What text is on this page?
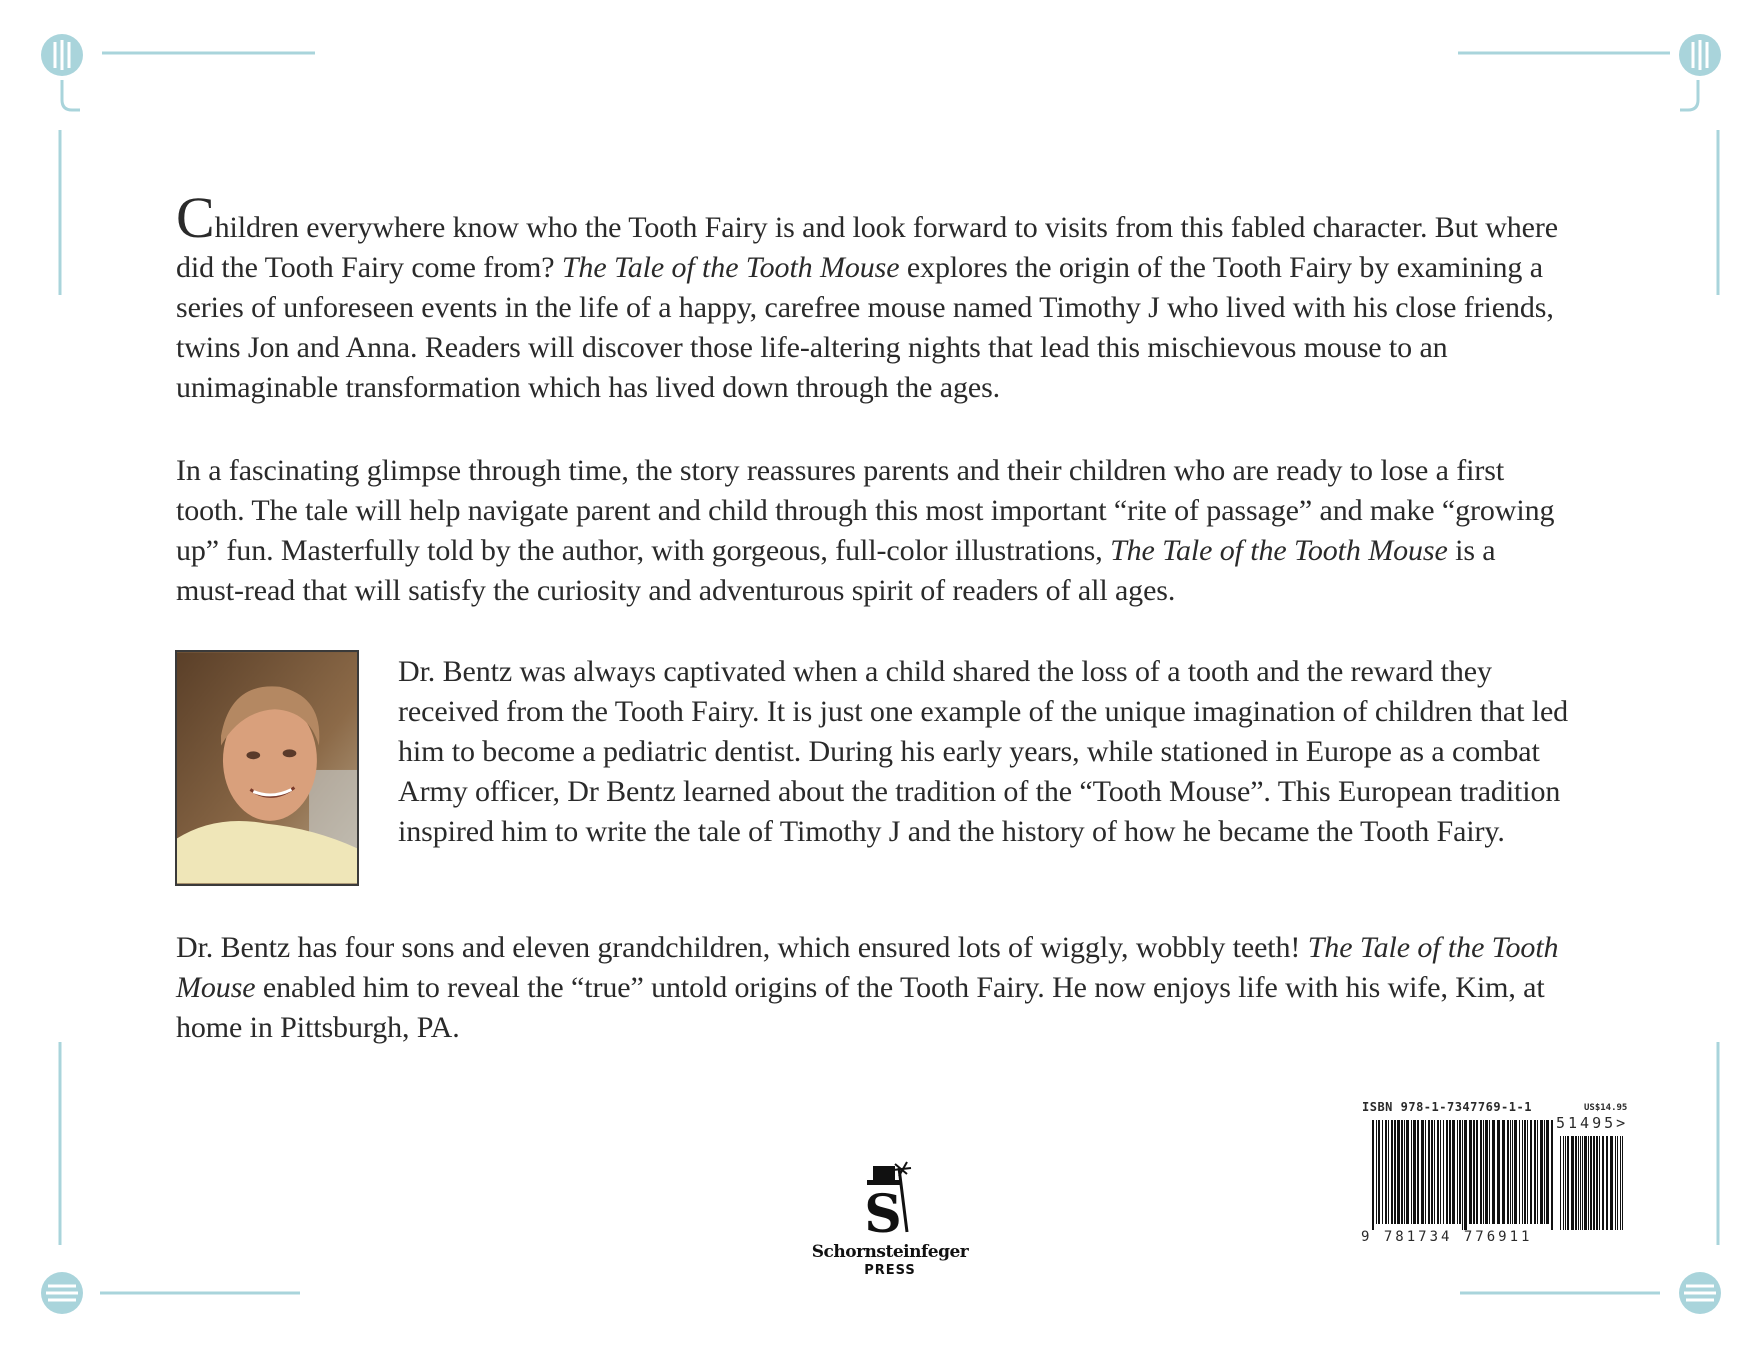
Children everywhere know who the Tooth Fairy is and look forward to visits from this fabled character. But where did the Tooth Fairy come from? The Tale of the Tooth Mouse explores the origin of the Tooth Fairy by examining a series of unforeseen events in the life of a happy, carefree mouse named Timothy J who lived with his close friends, twins Jon and Anna. Readers will discover those life-altering nights that lead this mischievous mouse to an unimaginable transformation which has lived down through the ages.

In a fascinating glimpse through time, the story reassures parents and their children who are ready to lose a first tooth. The tale will help navigate parent and child through this most important “rite of passage” and make “growing up” fun. Masterfully told by the author, with gorgeous, full-color illustrations, The Tale of the Tooth Mouse is a must-read that will satisfy the curiosity and adventurous spirit of readers of all ages.

Dr. Bentz was always captivated when a child shared the loss of a tooth and the reward they received from the Tooth Fairy. It is just one example of the unique imagination of children that led him to become a pediatric dentist. During his early years, while stationed in Europe as a combat Army officer, Dr Bentz learned about the tradition of the “Tooth Mouse”. This European tradition inspired him to write the tale of Timothy J and the history of how he became the Tooth Fairy.

Dr. Bentz has four sons and eleven grandchildren, which ensured lots of wiggly, wobbly teeth! The Tale of the Tooth Mouse enabled him to reveal the “true” untold origins of the Tooth Fairy. He now enjoys life with his wife, Kim, at home in Pittsburgh, PA.

S
Schornsteinfeger
PRESS
ISBN 978-1-7347769-1-1	US$14.95
51495>
9 781734 776911
